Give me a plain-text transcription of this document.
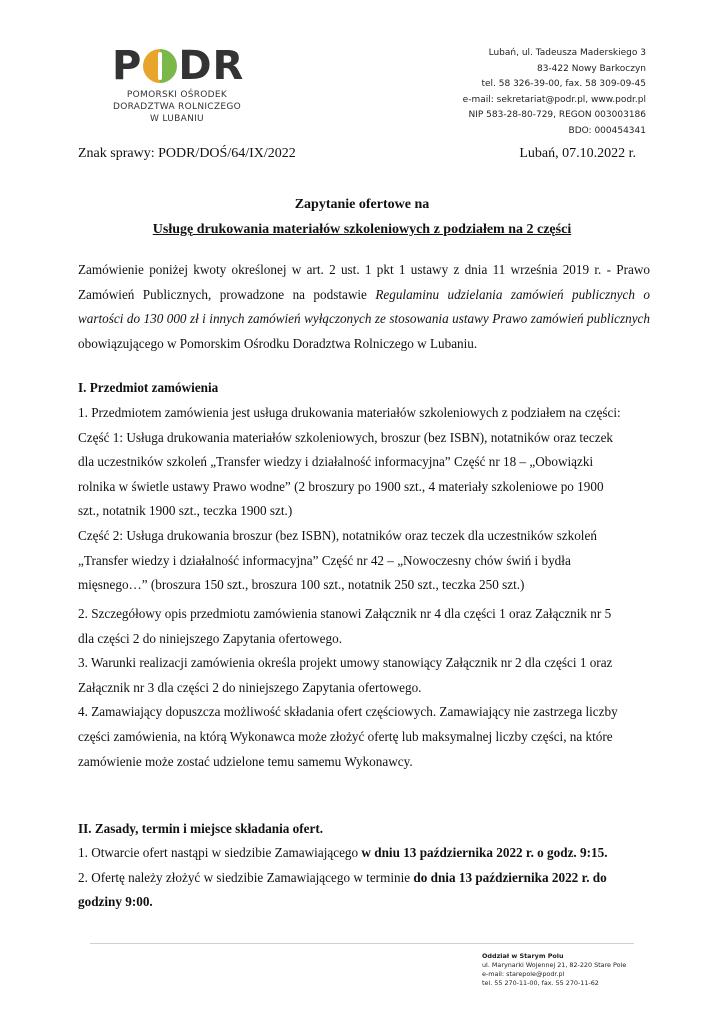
P DR
POMORSKI OŚRODEK
DORADZTWA ROLNICZEGO
W LUBANIU
Lubań, ul. Tadeusza Maderskiego 3
83-422 Nowy Barkoczyn
tel. 58 326-39-00, fax. 58 309-09-45
e-mail: sekretariat@podr.pl, www.podr.pl
NIP 583-28-80-729, REGON 003003186
BDO: 000454341
Znak sprawy: PODR/DOŚ/64/IX/2022	Lubań, 07.10.2022 r.
Zapytanie ofertowe na
Usługę drukowania materiałów szkoleniowych z podziałem na 2 części
Zamówienie poniżej kwoty określonej w art. 2 ust. 1 pkt 1 ustawy z dnia 11 września 2019 r. - Prawo Zamówień Publicznych, prowadzone na podstawie Regulaminu udzielania zamówień publicznych o wartości do 130 000 zł i innych zamówień wyłączonych ze stosowania ustawy Prawo zamówień publicznych obowiązującego w Pomorskim Ośrodku Doradztwa Rolniczego w Lubaniu.
I. Przedmiot zamówienia
1. Przedmiotem zamówienia jest usługa drukowania materiałów szkoleniowych z podziałem na części:
Część 1: Usługa drukowania materiałów szkoleniowych, broszur (bez ISBN), notatników oraz teczek
dla uczestników szkoleń „Transfer wiedzy i działalność informacyjna” Część nr 18 – „Obowiązki
rolnika w świetle ustawy Prawo wodne” (2 broszury po 1900 szt., 4 materiały szkoleniowe po 1900
szt., notatnik 1900 szt., teczka 1900 szt.)
Część 2: Usługa drukowania broszur (bez ISBN), notatników oraz teczek dla uczestników szkoleń
„Transfer wiedzy i działalność informacyjna” Część nr 42 – „Nowoczesny chów świń i bydła
mięsnego…” (broszura 150 szt., broszura 100 szt., notatnik 250 szt., teczka 250 szt.)
2. Szczegółowy opis przedmiotu zamówienia stanowi Załącznik nr 4 dla części 1 oraz Załącznik nr 5
dla części 2 do niniejszego Zapytania ofertowego.
3. Warunki realizacji zamówienia określa projekt umowy stanowiący Załącznik nr 2 dla części 1 oraz
Załącznik nr 3 dla części 2 do niniejszego Zapytania ofertowego.
4. Zamawiający dopuszcza możliwość składania ofert częściowych. Zamawiający nie zastrzega liczby
części zamówienia, na którą Wykonawca może złożyć ofertę lub maksymalnej liczby części, na które
zamówienie może zostać udzielone temu samemu Wykonawcy.
II. Zasady, termin i miejsce składania ofert.
1. Otwarcie ofert nastąpi w siedzibie Zamawiającego w dniu 13 października 2022 r. o godz. 9:15.
2. Ofertę należy złożyć w siedzibie Zamawiającego w terminie do dnia 13 października 2022 r. do
godziny 9:00.
Oddział w Starym Polu
ul. Marynarki Wojennej 21, 82-220 Stare Pole
e-mail: starepole@podr.pl
tel. 55 270-11-00, fax. 55 270-11-62
